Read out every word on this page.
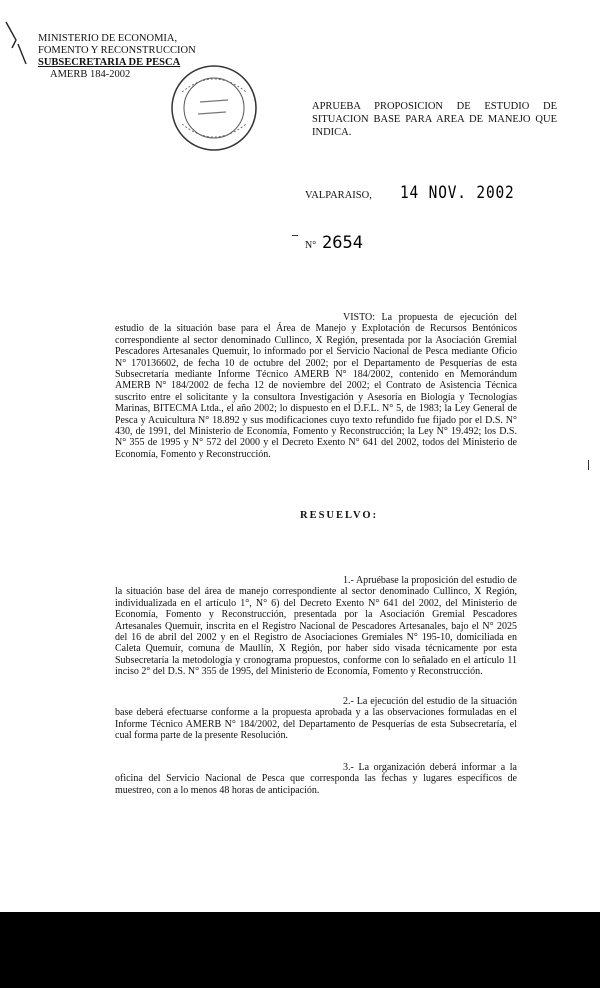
MINISTERIO DE ECONOMIA,
FOMENTO Y RECONSTRUCCION
SUBSECRETARIA DE PESCA
AMERB 184-2002
APRUEBA PROPOSICION DE ESTUDIO DE SITUACION BASE PARA AREA DE MANEJO QUE INDICA.
VALPARAISO, 14 NOV. 2002
N° 2654
VISTO: La propuesta de ejecución del estudio de la situación base para el Área de Manejo y Explotación de Recursos Bentónicos correspondiente al sector denominado Cullinco, X Región, presentada por la Asociación Gremial Pescadores Artesanales Quemuir, lo informado por el Servicio Nacional de Pesca mediante Oficio N° 170136602, de fecha 10 de octubre del 2002; por el Departamento de Pesquerías de esta Subsecretaría mediante Informe Técnico AMERB N° 184/2002, contenido en Memorándum AMERB N° 184/2002 de fecha 12 de noviembre del 2002; el Contrato de Asistencia Técnica suscrito entre el solicitante y la consultora Investigación y Asesoría en Biología y Tecnologías Marinas, BITECMA Ltda., el año 2002; lo dispuesto en el D.F.L. N° 5, de 1983; la Ley General de Pesca y Acuicultura N° 18.892 y sus modificaciones cuyo texto refundido fue fijado por el D.S. N° 430, de 1991, del Ministerio de Economía, Fomento y Reconstrucción; la Ley N° 19.492; los D.S. N° 355 de 1995 y N° 572 del 2000 y el Decreto Exento N° 641 del 2002, todos del Ministerio de Economía, Fomento y Reconstrucción.
RESUELVO:
1.- Apruébase la proposición del estudio de la situación base del área de manejo correspondiente al sector denominado Cullinco, X Región, individualizada en el artículo 1°, N° 6) del Decreto Exento N° 641 del 2002, del Ministerio de Economía, Fomento y Reconstrucción, presentada por la Asociación Gremial Pescadores Artesanales Quemuir, inscrita en el Registro Nacional de Pescadores Artesanales, bajo el N° 2025 del 16 de abril del 2002 y en el Registro de Asociaciones Gremiales N° 195-10, domiciliada en Caleta Quemuir, comuna de Maullín, X Región, por haber sido visada técnicamente por esta Subsecretaría la metodología y cronograma propuestos, conforme con lo señalado en el artículo 11 inciso 2° del D.S. N° 355 de 1995, del Ministerio de Economía, Fomento y Reconstrucción.
2.- La ejecución del estudio de la situación base deberá efectuarse conforme a la propuesta aprobada y a las observaciones formuladas en el Informe Técnico AMERB N° 184/2002, del Departamento de Pesquerías de esta Subsecretaría, el cual forma parte de la presente Resolución.
3.- La organización deberá informar a la oficina del Servicio Nacional de Pesca que corresponda las fechas y lugares específicos de muestreo, con a lo menos 48 horas de anticipación.
